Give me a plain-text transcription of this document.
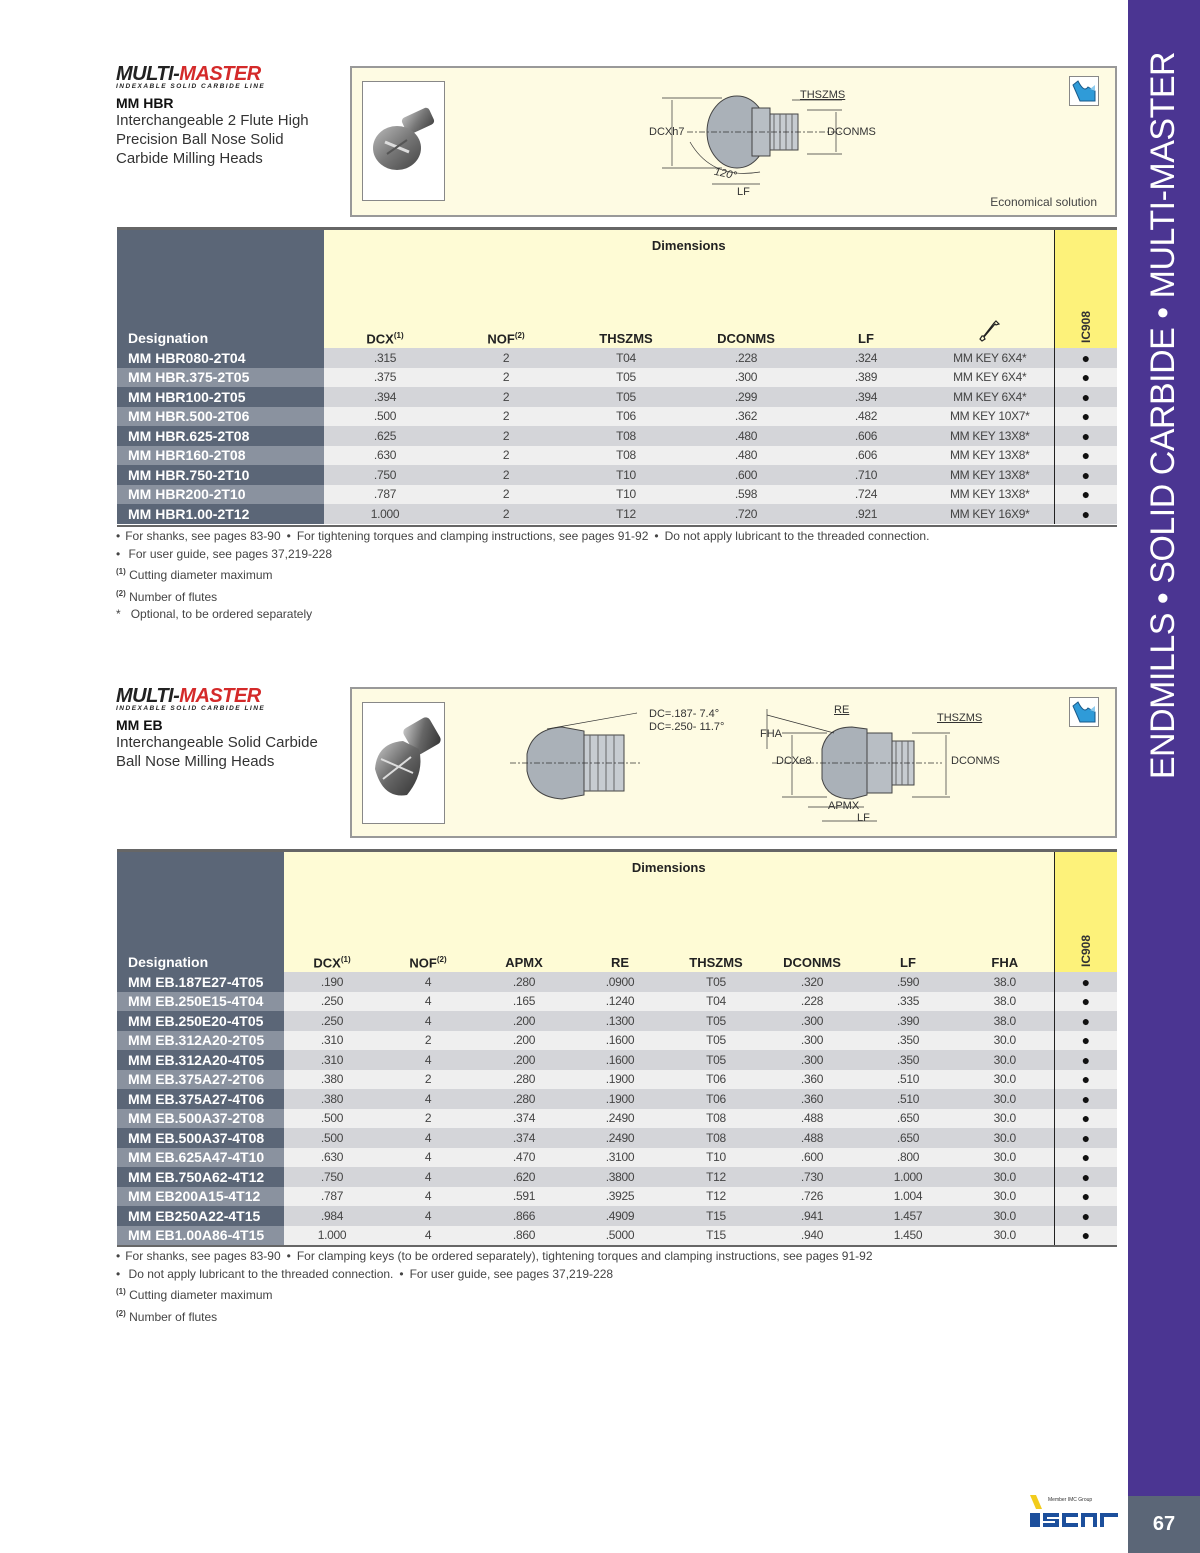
ENDMILLS • SOLID CARBIDE • MULTI-MASTER
67
MULTI-MASTER
INDEXABLE SOLID CARBIDE LINE
MM HBR
Interchangeable 2 Flute High Precision Ball Nose Solid Carbide Milling Heads
DCXh7
THSZMS
DCONMS
120°
LF
Economical solution
Designation	Dimensions						IC908
	DCX$^{(1)}$	NOF$^{(2)}$	THSZMS	DCONMS	LF	
MM HBR080-2T04	.315	2	T04	.228	.324	MM KEY 6X4*	●
MM HBR.375-2T05	.375	2	T05	.300	.389	MM KEY 6X4*	●
MM HBR100-2T05	.394	2	T05	.299	.394	MM KEY 6X4*	●
MM HBR.500-2T06	.500	2	T06	.362	.482	MM KEY 10X7*	●
MM HBR.625-2T08	.625	2	T08	.480	.606	MM KEY 13X8*	●
MM HBR160-2T08	.630	2	T08	.480	.606	MM KEY 13X8*	●
MM HBR.750-2T10	.750	2	T10	.600	.710	MM KEY 13X8*	●
MM HBR200-2T10	.787	2	T10	.598	.724	MM KEY 13X8*	●
MM HBR1.00-2T12	1.000	2	T12	.720	.921	MM KEY 16X9*	●
• For shanks, see pages 83-90 • For tightening torques and clamping instructions, see pages 91-92 • Do not apply lubricant to the threaded connection.
• For user guide, see pages 37,219-228
$^{(1)}$ Cutting diameter maximum
$^{(2)}$ Number of flutes
* Optional, to be ordered separately
MULTI-MASTER
INDEXABLE SOLID CARBIDE LINE
MM EB
Interchangeable Solid Carbide Ball Nose Milling Heads
DC=.187- 7.4°
DC=.250- 11.7°
RE
FHA
THSZMS
DCXe8	DCONMS
APMX
LF
Designation	Dimensions								IC908
	DCX$^{(1)}$	NOF$^{(2)}$	APMX	RE	THSZMS	DCONMS	LF	FHA	
MM EB.187E27-4T05	.190	4	.280	.0900	T05	.320	.590	38.0	●
MM EB.250E15-4T04	.250	4	.165	.1240	T04	.228	.335	38.0	●
MM EB.250E20-4T05	.250	4	.200	.1300	T05	.300	.390	38.0	●
MM EB.312A20-2T05	.310	2	.200	.1600	T05	.300	.350	30.0	●
MM EB.312A20-4T05	.310	4	.200	.1600	T05	.300	.350	30.0	●
MM EB.375A27-2T06	.380	2	.280	.1900	T06	.360	.510	30.0	●
MM EB.375A27-4T06	.380	4	.280	.1900	T06	.360	.510	30.0	●
MM EB.500A37-2T08	.500	2	.374	.2490	T08	.488	.650	30.0	●
MM EB.500A37-4T08	.500	4	.374	.2490	T08	.488	.650	30.0	●
MM EB.625A47-4T10	.630	4	.470	.3100	T10	.600	.800	30.0	●
MM EB.750A62-4T12	.750	4	.620	.3800	T12	.730	1.000	30.0	●
MM EB200A15-4T12	.787	4	.591	.3925	T12	.726	1.004	30.0	●
MM EB250A22-4T15	.984	4	.866	.4909	T15	.941	1.457	30.0	●
MM EB1.00A86-4T15	1.000	4	.860	.5000	T15	.940	1.450	30.0	●
• For shanks, see pages 83-90 • For clamping keys (to be ordered separately), tightening torques and clamping instructions, see pages 91-92
• Do not apply lubricant to the threaded connection. • For user guide, see pages 37,219-228
$^{(1)}$ Cutting diameter maximum
$^{(2)}$ Number of flutes
Member IMC Group
